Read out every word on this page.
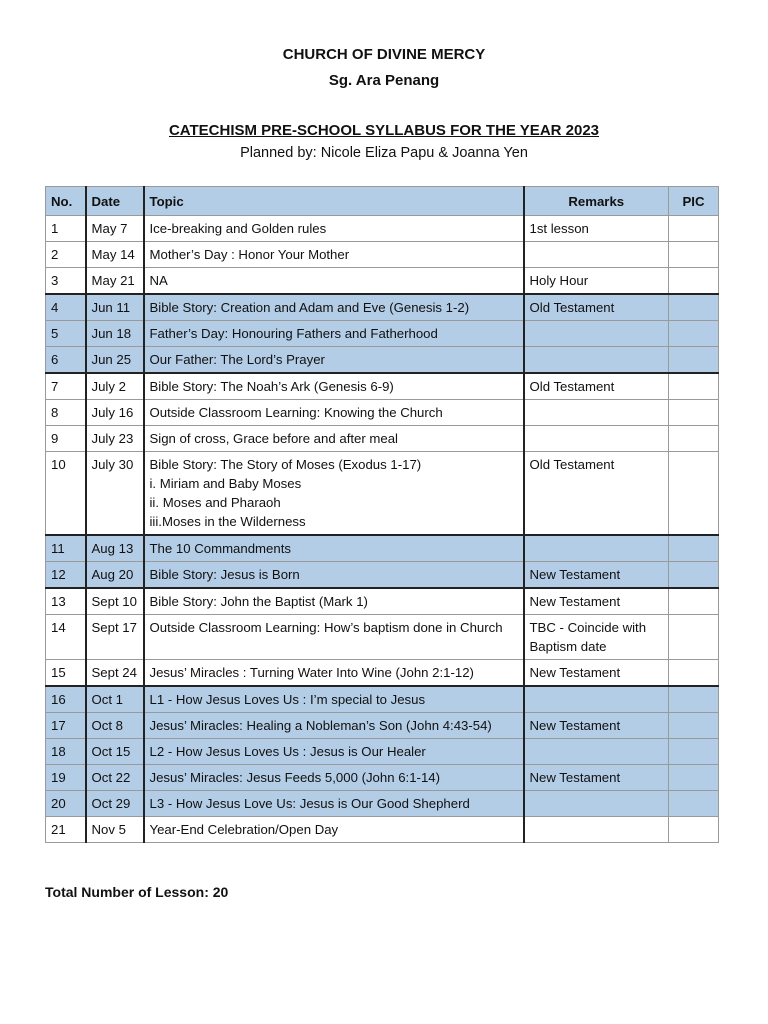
CHURCH OF DIVINE MERCY
Sg. Ara Penang
CATECHISM PRE-SCHOOL SYLLABUS FOR THE YEAR 2023
Planned by: Nicole Eliza Papu & Joanna Yen
No.	Date	Topic	Remarks	PIC
1	May 7	Ice-breaking and Golden rules	1st lesson	
2	May 14	Mother’s Day : Honor Your Mother		
3	May 21	NA	Holy Hour	
4	Jun 11	Bible Story: Creation and Adam and Eve (Genesis 1-2)	Old Testament	
5	Jun 18	Father’s Day: Honouring Fathers and Fatherhood		
6	Jun 25	Our Father: The Lord’s Prayer		
7	July 2	Bible Story: The Noah’s Ark (Genesis 6-9)	Old Testament	
8	July 16	Outside Classroom Learning: Knowing the Church		
9	July 23	Sign of cross, Grace before and after meal		
10	July 30	Bible Story: The Story of Moses (Exodus 1-17)
i. Miriam and Baby Moses
ii. Moses and Pharaoh
iii.Moses in the Wilderness	Old Testament	
11	Aug 13	The 10 Commandments		
12	Aug 20	Bible Story: Jesus is Born	New Testament	
13	Sept 10	Bible Story: John the Baptist (Mark 1)	New Testament	
14	Sept 17	Outside Classroom Learning: How’s baptism done in Church	TBC - Coincide with Baptism date	
15	Sept 24	Jesus’ Miracles : Turning Water Into Wine (John 2:1-12)	New Testament	
16	Oct 1	L1 - How Jesus Loves Us : I’m special to Jesus		
17	Oct 8	Jesus’ Miracles: Healing a Nobleman’s Son (John 4:43-54)	New Testament	
18	Oct 15	L2 - How Jesus Loves Us : Jesus is Our Healer		
19	Oct 22	Jesus’ Miracles: Jesus Feeds 5,000 (John 6:1-14)	New Testament	
20	Oct 29	L3 - How Jesus Love Us: Jesus is Our Good Shepherd		
21	Nov 5	Year-End Celebration/Open Day		
Total Number of Lesson: 20
